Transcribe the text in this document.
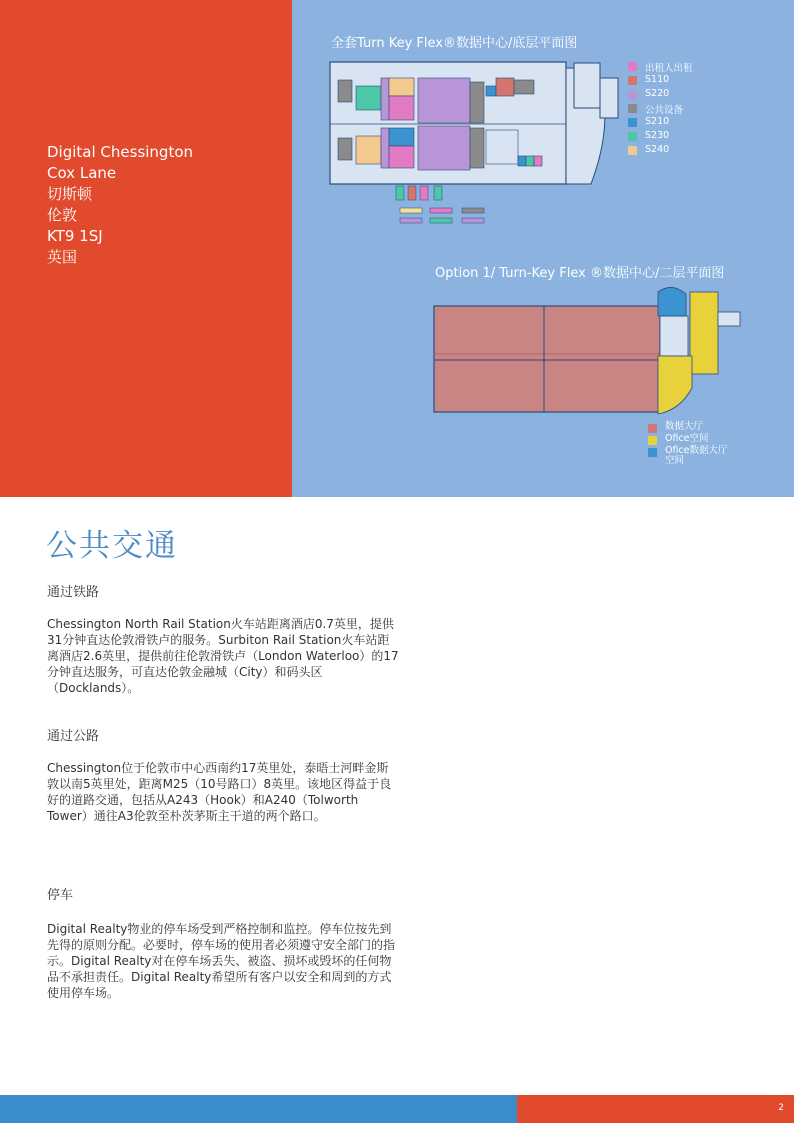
Digital Chessington
Cox Lane
切斯顿
伦敦
KT9 1SJ
英国
全套Turn Key Flex®数据中心/底层平面图
出租人出租
S110
S220
公共设备
S210
S230
S240
Option 1/ Turn-Key Flex ®数据中心/二层平面图
数据大厅
Ofice空间
Ofice数据大厅空间
公共交通
通过铁路
Chessington North Rail Station火车站距离酒店0.7英里，提供31分钟直达伦敦滑铁卢的服务。Surbiton Rail Station火车站距离酒店2.6英里，提供前往伦敦滑铁卢（London Waterloo）的17分钟直达服务，可直达伦敦金融城（City）和码头区（Docklands）。
通过公路
Chessington位于伦敦市中心西南约17英里处，泰晤士河畔金斯敦以南5英里处，距离M25（10号路口）8英里。该地区得益于良好的道路交通，包括从A243（Hook）和A240（Tolworth Tower）通往A3伦敦至朴茨茅斯主干道的两个路口。
停车
Digital Realty物业的停车场受到严格控制和监控。停车位按先到先得的原则分配。必要时，停车场的使用者必须遵守安全部门的指示。Digital Realty对在停车场丢失、被盗、损坏或毁坏的任何物品不承担责任。Digital Realty希望所有客户以安全和周到的方式使用停车场。
2
